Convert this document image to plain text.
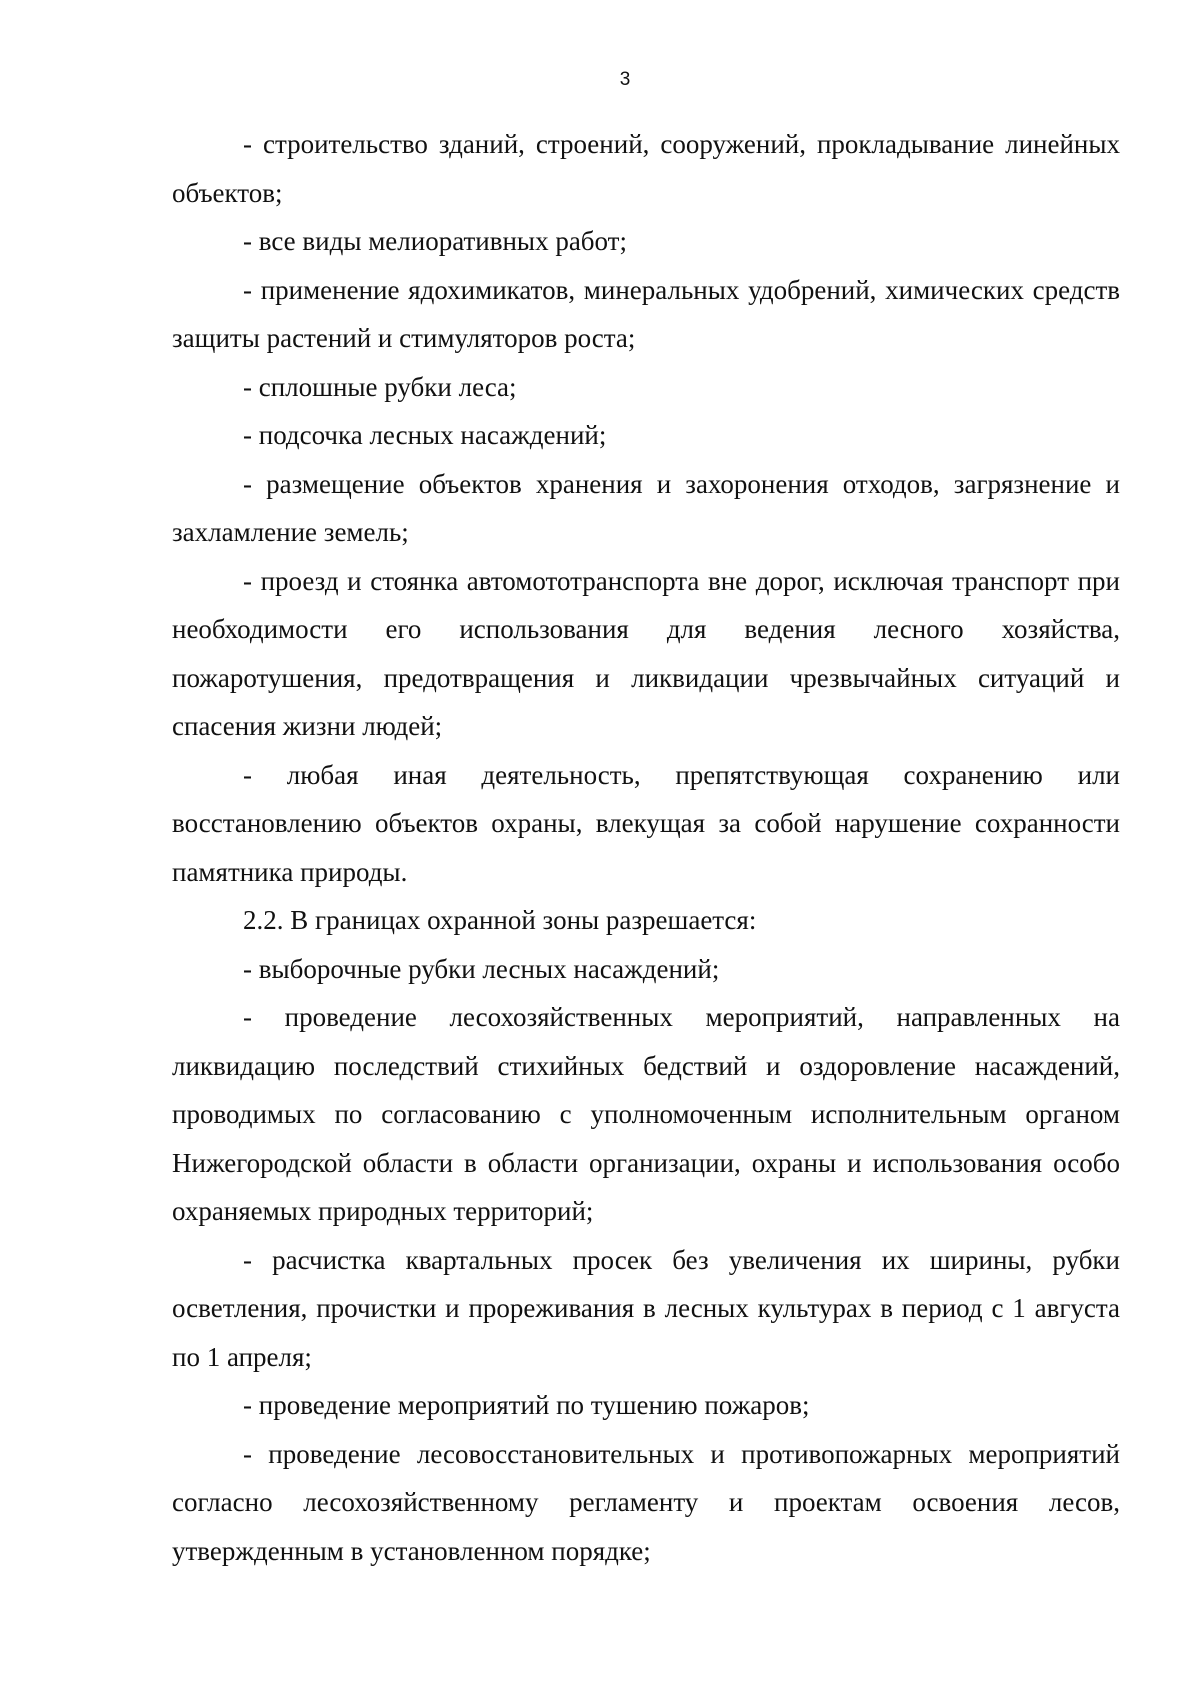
3

- строительство зданий, строений, сооружений, прокладывание линейных объектов;

- все виды мелиоративных работ;

- применение ядохимикатов, минеральных удобрений, химических средств защиты растений и стимуляторов роста;

- сплошные рубки леса;

- подсочка лесных насаждений;

- размещение объектов хранения и захоронения отходов, загрязнение и захламление земель;

- проезд и стоянка автомототранспорта вне дорог, исключая транспорт при необходимости его использования для ведения лесного хозяйства, пожаротушения, предотвращения и ликвидации чрезвычайных ситуаций и спасения жизни людей;

- любая иная деятельность, препятствующая сохранению или восстановлению объектов охраны, влекущая за собой нарушение сохранности памятника природы.

2.2. В границах охранной зоны разрешается:

- выборочные рубки лесных насаждений;

- проведение лесохозяйственных мероприятий, направленных на ликвидацию последствий стихийных бедствий и оздоровление насаждений, проводимых по согласованию с уполномоченным исполнительным органом Нижегородской области в области организации, охраны и использования особо охраняемых природных территорий;

- расчистка квартальных просек без увеличения их ширины, рубки осветления, прочистки и прореживания в лесных культурах в период с 1 августа по 1 апреля;

- проведение мероприятий по тушению пожаров;

- проведение лесовосстановительных и противопожарных мероприятий согласно лесохозяйственному регламенту и проектам освоения лесов, утвержденным в установленном порядке;
